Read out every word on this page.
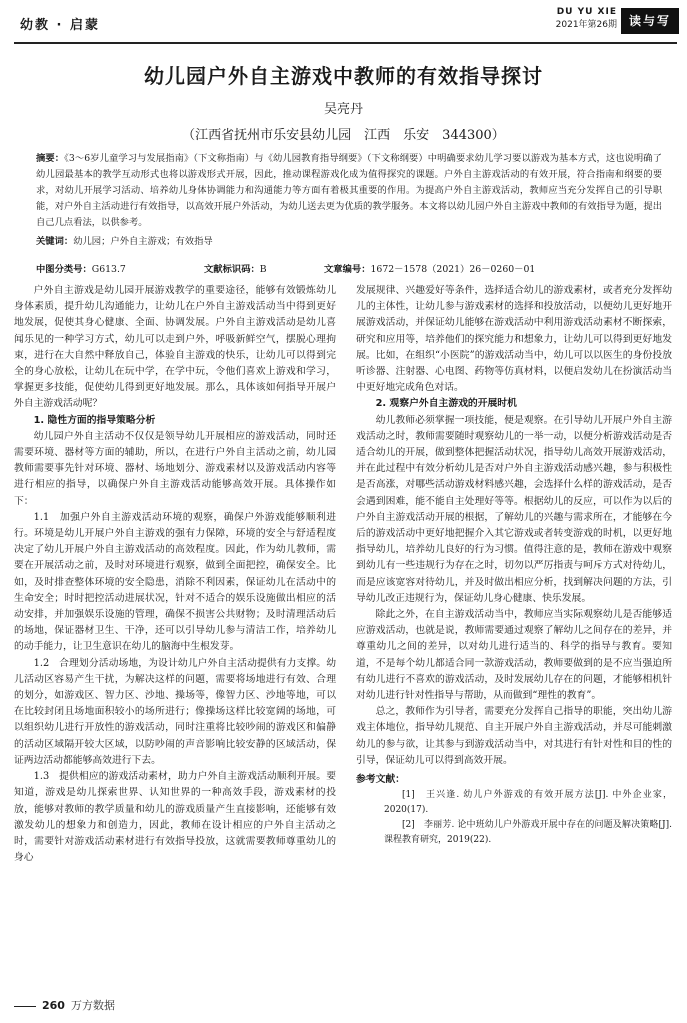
幼教 · 启蒙
DU YU XIE
2021年第26期 读与写
幼儿园户外自主游戏中教师的有效指导探讨
吴亮丹
（江西省抚州市乐安县幼儿园　江西　乐安　344300）
摘要：《3～6岁儿童学习与发展指南》（下文称指南）与《幼儿园教育指导纲要》（下文称纲要）中明确要求幼儿学习要以游戏为基本方式，这也说明确了幼儿园最基本的教学互动形式也将以游戏形式开展，因此，推动课程游戏化成为值得探究的课题。户外自主游戏活动的有效开展，符合指南和纲要的要求，对幼儿开展学习活动、培养幼儿身体协调能力和沟通能力等方面有着极其重要的作用。为提高户外自主游戏活动，教师应当充分发挥自己的引导职能，对户外自主活动进行有效指导，以高效开展户外活动，为幼儿送去更为优质的教学服务。本文将以幼儿园户外自主游戏中教师的有效指导为题，提出自己几点看法，以供参考。
关键词：幼儿园；户外自主游戏；有效指导
中图分类号：G613.7	文献标识码：B	文章编号：1672－1578（2021）26－0260－01

户外自主游戏是幼儿园开展游戏教学的重要途径，能够有效锻炼幼儿身体素质，提升幼儿沟通能力，让幼儿在户外自主游戏活动当中得到更好地发展，促使其身心健康、全面、协调发展。户外自主游戏活动是幼儿喜闻乐见的一种学习方式，幼儿可以走到户外，呼吸新鲜空气，摆脱心理拘束，进行在大自然中释放自己，体验自主游戏的快乐，让幼儿可以得到完全的身心放松，让幼儿在玩中学，在学中玩，令他们喜欢上游戏和学习，掌握更多技能，促使幼儿得到更好地发展。那么，具体该如何指导开展户外自主游戏活动呢？

1. 隐性方面的指导策略分析

幼儿园户外自主活动不仅仅是领导幼儿开展相应的游戏活动，同时还需要环境、器材等方面的辅助，所以，在进行户外自主活动之前，幼儿园教师需要事先针对环境、器材、场地划分、游戏素材以及游戏活动内容等进行相应的指导，以确保户外自主游戏活动能够高效开展。具体操作如下：

1.1　加强户外自主游戏活动环境的观察，确保户外游戏能够顺利进行。环境是幼儿开展户外自主游戏的强有力保障，环境的安全与舒适程度决定了幼儿开展户外自主游戏活动的高效程度。因此，作为幼儿教师，需要在开展活动之前，及时对环境进行观察，做到全面把控，确保安全。比如，及时排查整体环境的安全隐患，消除不利因素，保证幼儿在活动中的生命安全；时时把控活动进展状况，针对不适合的娱乐设施做出相应的活动安排，并加强娱乐设施的管理，确保不损害公共财物；及时清理活动后的场地，保证器材卫生、干净，还可以引导幼儿参与清洁工作，培养幼儿的动手能力，让卫生意识在幼儿的脑海中生根发芽。

1.2　合理划分活动场地，为设计幼儿户外自主活动提供有力支撑。幼儿活动区容易产生干扰，为解决这样的问题，需要将场地进行有效、合理的划分，如游戏区、智力区、沙地、操场等，像智力区、沙地等地，可以在比较封闭且场地面积较小的场所进行；像操场这样比较宽阔的场地，可以组织幼儿进行开放性的游戏活动，同时注重将比较吵闹的游戏区和偏静的活动区域隔开较大区域，以防吵闹的声音影响比较安静的区域活动，保证两边活动都能够高效进行下去。

1.3　提供相应的游戏活动素材，助力户外自主游戏活动顺利开展。要知道，游戏是幼儿探索世界、认知世界的一种高效手段，游戏素材的投放，能够对教师的教学质量和幼儿的游戏质量产生直接影响，还能够有效激发幼儿的想象力和创造力，因此，教师在设计相应的户外自主活动之时，需要针对游戏活动素材进行有效指导投放，这就需要教师尊重幼儿的身心

发展规律、兴趣爱好等条件，选择适合幼儿的游戏素材，或者充分发挥幼儿的主体性，让幼儿参与游戏素材的选择和投放活动，以便幼儿更好地开展游戏活动，并保证幼儿能够在游戏活动中利用游戏活动素材不断探索，研究和应用等，培养他们的探究能力和想象力，让幼儿可以得到更好地发展。比如，在组织“小医院”的游戏活动当中，幼儿可以以医生的身份投放听诊器、注射器、心电图、药物等仿真材料，以便启发幼儿在扮演活动当中更好地完成角色对话。

2. 观察户外自主游戏的开展时机

幼儿教师必须掌握一项技能，便是观察。在引导幼儿开展户外自主游戏活动之时，教师需要随时观察幼儿的一举一动，以便分析游戏活动是否适合幼儿的开展，做到整体把握活动状况，指导幼儿高效开展游戏活动，并在此过程中有效分析幼儿是否对户外自主游戏活动感兴趣，参与积极性是否高涨，对哪些活动游戏材料感兴趣，会选择什么样的游戏活动，是否会遇到困难，能不能自主处理好等等。根据幼儿的反应，可以作为以后的户外自主游戏活动开展的根据，了解幼儿的兴趣与需求所在，才能够在今后的游戏活动中更好地把握介入其它游戏或者转变游戏的时机，以更好地指导幼儿，培养幼儿良好的行为习惯。值得注意的是，教师在游戏中观察到幼儿有一些违规行为存在之时，切勿以严厉指责与呵斥方式对待幼儿，而是应该宽容对待幼儿，并及时做出相应分析，找到解决问题的方法，引导幼儿改正违规行为，保证幼儿身心健康、快乐发展。

除此之外，在自主游戏活动当中，教师应当实际观察幼儿是否能够适应游戏活动，也就是说，教师需要通过观察了解幼儿之间存在的差异，并尊重幼儿之间的差异，以对幼儿进行适当的、科学的指导与教育。要知道，不是每个幼儿都适合同一款游戏活动，教师要做到的是不应当强迫所有幼儿进行不喜欢的游戏活动，及时发展幼儿存在的问题，才能够相机针对幼儿进行针对性指导与帮助，从而做到“理性的教育”。

总之，教师作为引导者，需要充分发挥自己指导的职能，突出幼儿游戏主体地位，指导幼儿规范、自主开展户外自主游戏活动，并尽可能刺激幼儿的参与欲，让其参与到游戏活动当中，对其进行有针对性和目的性的引导，保证幼儿可以得到高效开展。

参考文献：

[1]　王兴逢. 幼儿户外游戏的有效开展方法[J]. 中外企业家，2020(17).

[2]　李丽芳. 论中班幼儿户外游戏开展中存在的问题及解决策略[J]. 课程教育研究，2019(22).

260 万方数据
